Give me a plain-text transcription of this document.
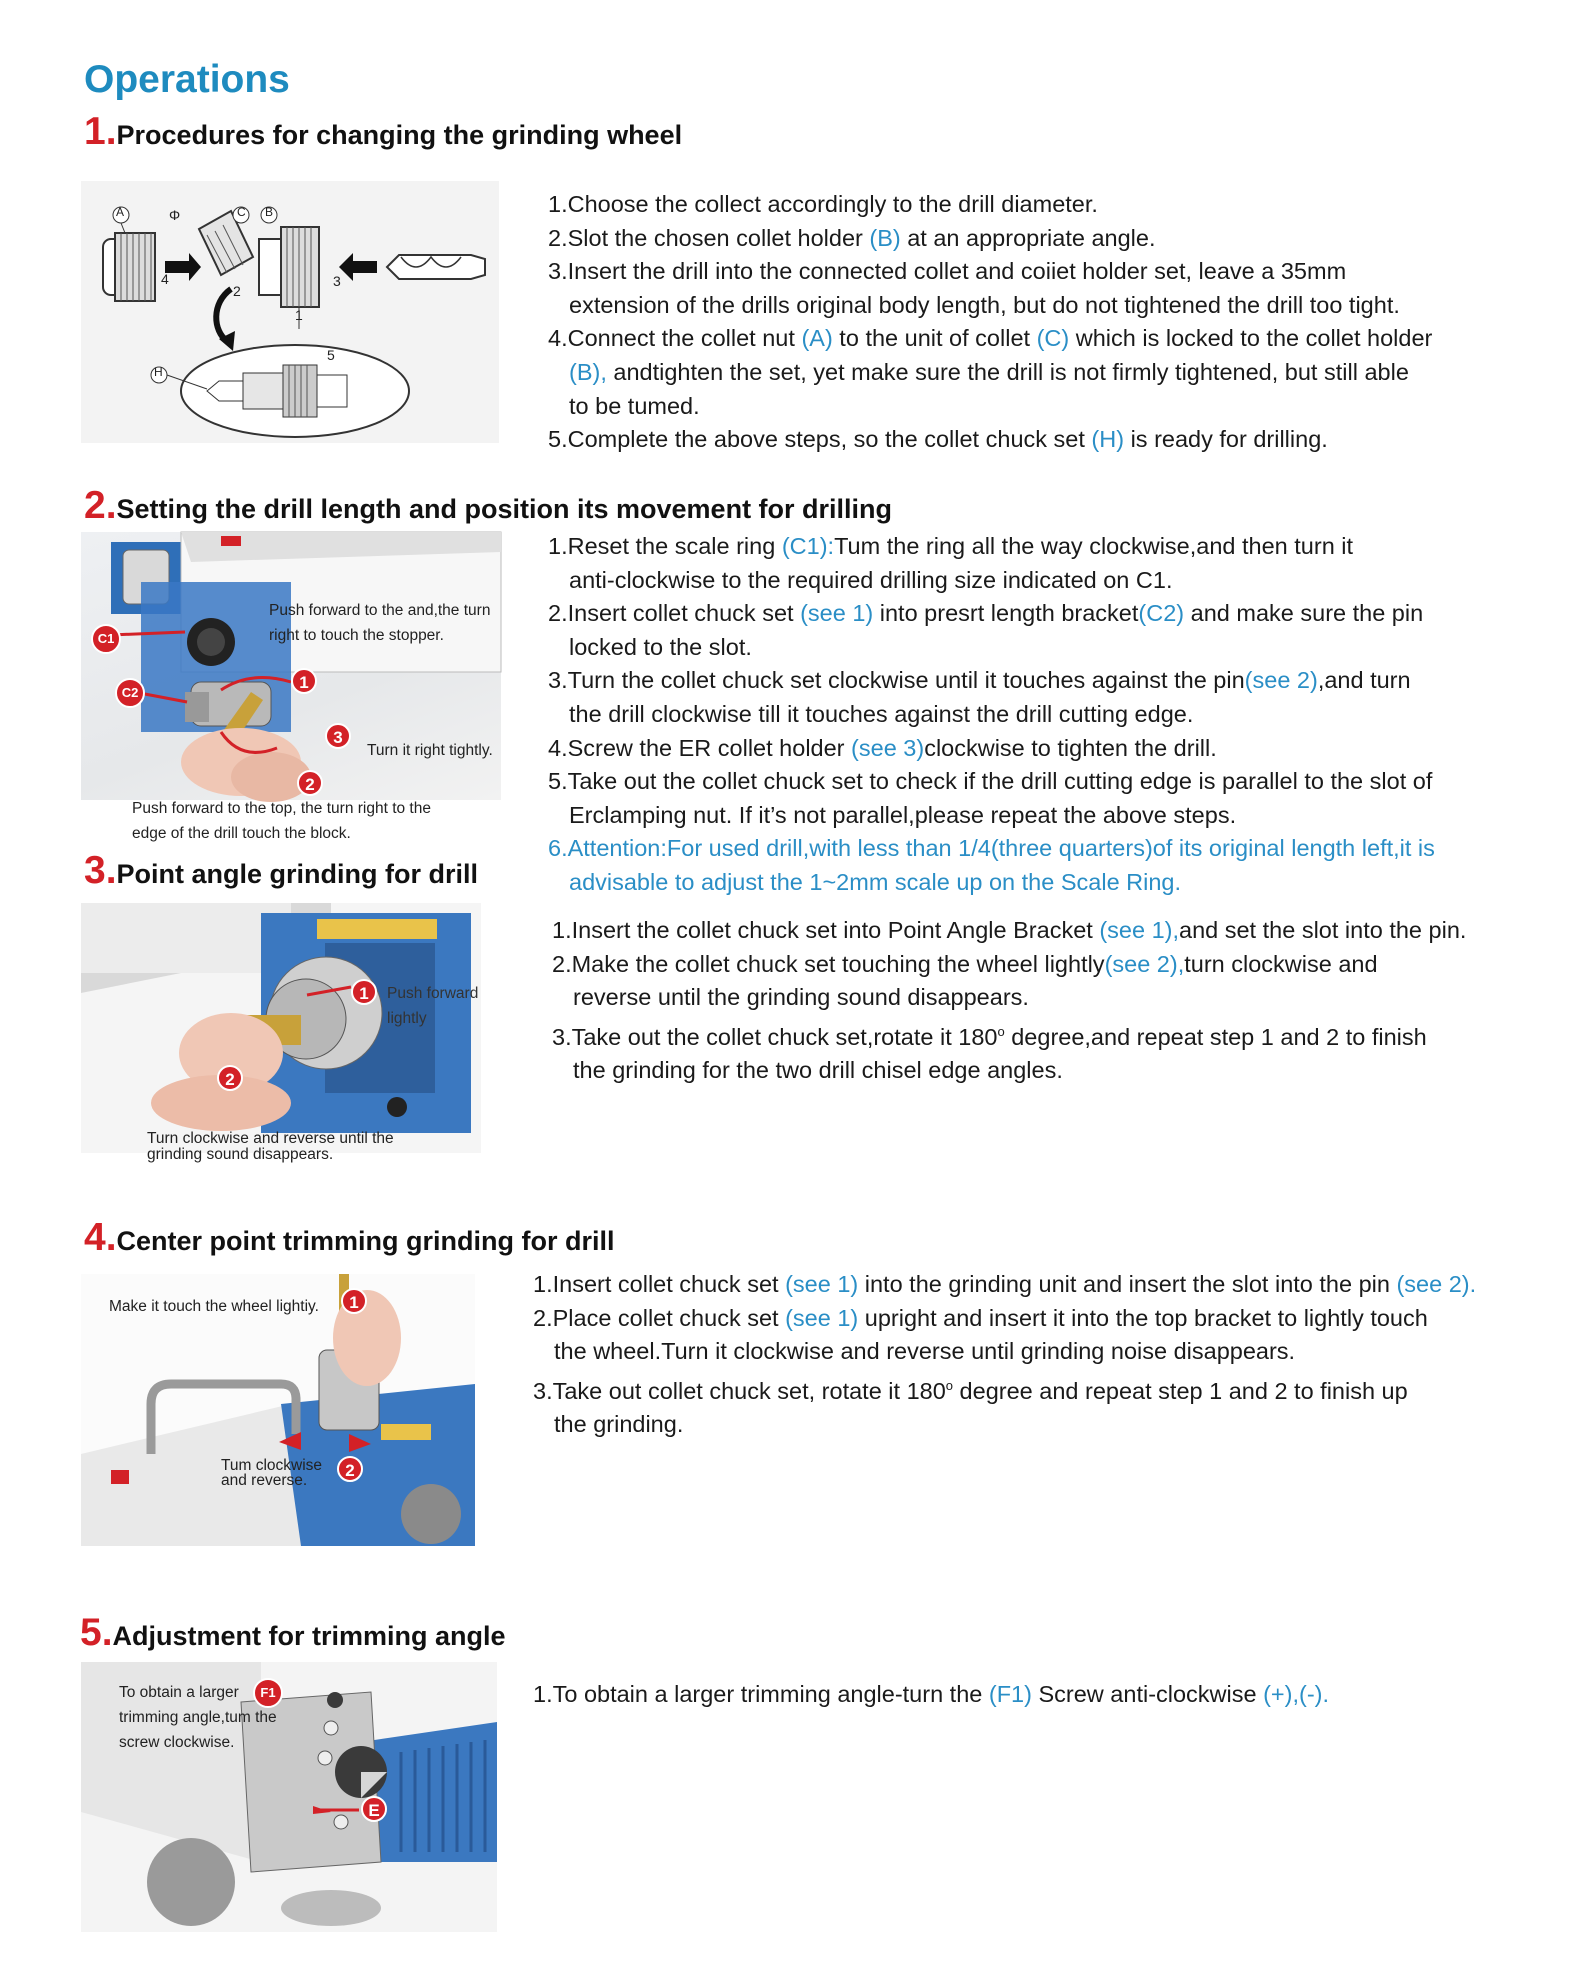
Operations
1.Procedures for changing the grinding wheel
A	Φ	C B
H
1
2
3
4
5
1.Choose the collect accordingly to the drill diameter.
2.Slot the chosen collet holder (B) at an appropriate angle.
3.Insert the drill into the connected collet and coiiet holder set, leave a 35mm
extension of the drills original body length, but do not tightened the drill too tight.
4.Connect the collet nut (A) to the unit of collet (C) which is locked to the collet holder
(B), andtighten the set, yet make sure the drill is not firmly tightened, but still able
to be tumed.
5.Complete the above steps, so the collet chuck set (H) is ready for drilling.
2.Setting the drill length and position its movement for drilling
C1
C2
1
2
3
Push forward to the and,the turn
right to touch the stopper.
Turn it right tightly.
Push forward to the top, the turn right to the
edge of the drill touch the block.
1.Reset the scale ring (C1):Tum the ring all the way clockwise,and then turn it
anti-clockwise to the required drilling size indicated on C1.
2.Insert collet chuck set (see 1) into presrt length bracket(C2) and make sure the pin
locked to the slot.
3.Turn the collet chuck set clockwise until it touches against the pin(see 2),and turn
the drill clockwise till it touches against the drill cutting edge.
4.Screw the ER collet holder (see 3)clockwise to tighten the drill.
5.Take out the collet chuck set to check if the drill cutting edge is parallel to the slot of
Erclamping nut. If it’s not parallel,please repeat the above steps.
6.Attention:For used drill,with less than 1/4(three quarters)of its original length left,it is
advisable to adjust the 1~2mm scale up on the Scale Ring.
3.Point angle grinding for drill
1
2
Push forward
lightly
Turn clockwise and reverse until the
grinding sound disappears.
1.Insert the collet chuck set into Point Angle Bracket (see 1),and set the slot into the pin.
2.Make the collet chuck set touching the wheel lightly(see 2),turn clockwise and
reverse until the grinding sound disappears.
3.Take out the collet chuck set,rotate it 180$^o$ degree,and repeat step 1 and 2 to finish
the grinding for the two drill chisel edge angles.
4.Center point trimming grinding for drill
1
2
Make it touch the wheel lightiy.
Tum clockwise
and reverse.
1.Insert collet chuck set (see 1) into the grinding unit and insert the slot into the pin (see 2).
2.Place collet chuck set (see 1) upright and insert it into the top bracket to lightly touch
the wheel.Turn it clockwise and reverse until grinding noise disappears.
3.Take out collet chuck set, rotate it 180$^o$ degree and repeat step 1 and 2 to finish up
the grinding.
5.Adjustment for trimming angle
F1
E
To obtain a larger
trimming angle,tum the
screw clockwise.
1.To obtain a larger trimming angle-turn the (F1) Screw anti-clockwise (+),(-).
